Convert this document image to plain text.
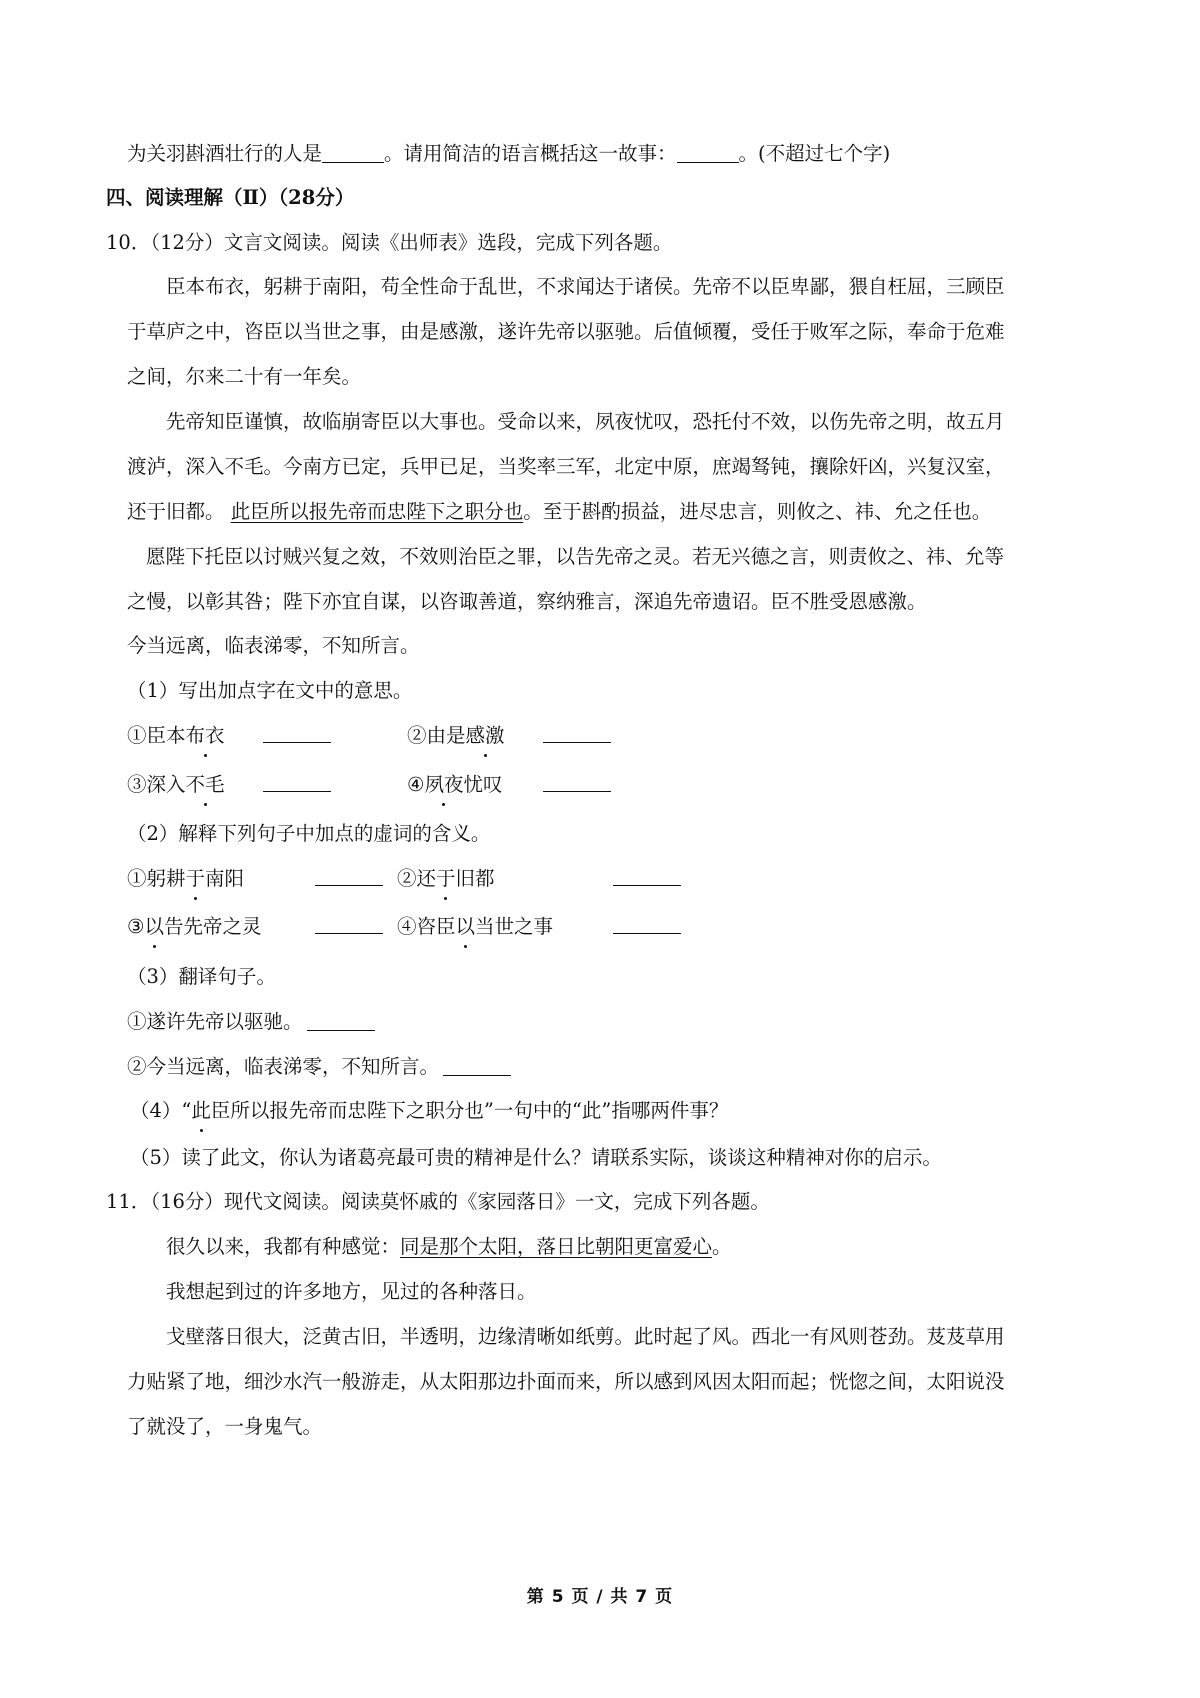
为关羽斟酒壮行的人是	。请用简洁的语言概括这一故事：	。(不超过七个字)
四、阅读理解（Ⅱ）（28分）
10．（12分）文言文阅读。阅读《出师表》选段，完成下列各题。
臣本布衣，躬耕于南阳，苟全性命于乱世，不求闻达于诸侯。先帝不以臣卑鄙，猥自枉屈，三顾臣
于草庐之中，咨臣以当世之事，由是感激，遂许先帝以驱驰。后值倾覆，受任于败军之际，奉命于危难
之间，尔来二十有一年矣。
先帝知臣谨慎，故临崩寄臣以大事也。受命以来，夙夜忧叹，恐托付不效，以伤先帝之明，故五月
渡泸，深入不毛。今南方已定，兵甲已足，当奖率三军，北定中原，庶竭驽钝，攘除奸凶，兴复汉室，
还于旧都。 此臣所以报先帝而忠陛下之职分也。至于斟酌损益，进尽忠言，则攸之、祎、允之任也。
愿陛下托臣以讨贼兴复之效，不效则治臣之罪，以告先帝之灵。若无兴德之言，则责攸之、祎、允等
之慢，以彰其咎；陛下亦宜自谋，以咨诹善道，察纳雅言，深追先帝遗诏。臣不胜受恩感激。
今当远离，临表涕零，不知所言。
（1）写出加点字在文中的意思。
①臣本布衣	②由是感激
③深入不毛	④夙夜忧叹
（2）解释下列句子中加点的虚词的含义。
①躬耕于南阳	②还于旧都
③以告先帝之灵	④咨臣以当世之事
（3）翻译句子。
①遂许先帝以驱驰。
②今当远离，临表涕零，不知所言。
（4）“此臣所以报先帝而忠陛下之职分也”一句中的“此”指哪两件事？
（5）读了此文，你认为诸葛亮最可贵的精神是什么？请联系实际，谈谈这种精神对你的启示。
11．（16分）现代文阅读。阅读莫怀戚的《家园落日》一文，完成下列各题。
很久以来，我都有种感觉：同是那个太阳，落日比朝阳更富爱心。
我想起到过的许多地方，见过的各种落日。
戈壁落日很大，泛黄古旧，半透明，边缘清晰如纸剪。此时起了风。西北一有风则苍劲。芨芨草用
力贴紧了地，细沙水汽一般游走，从太阳那边扑面而来，所以感到风因太阳而起；恍惚之间，太阳说没
了就没了，一身鬼气。
第 5 页 / 共 7 页
